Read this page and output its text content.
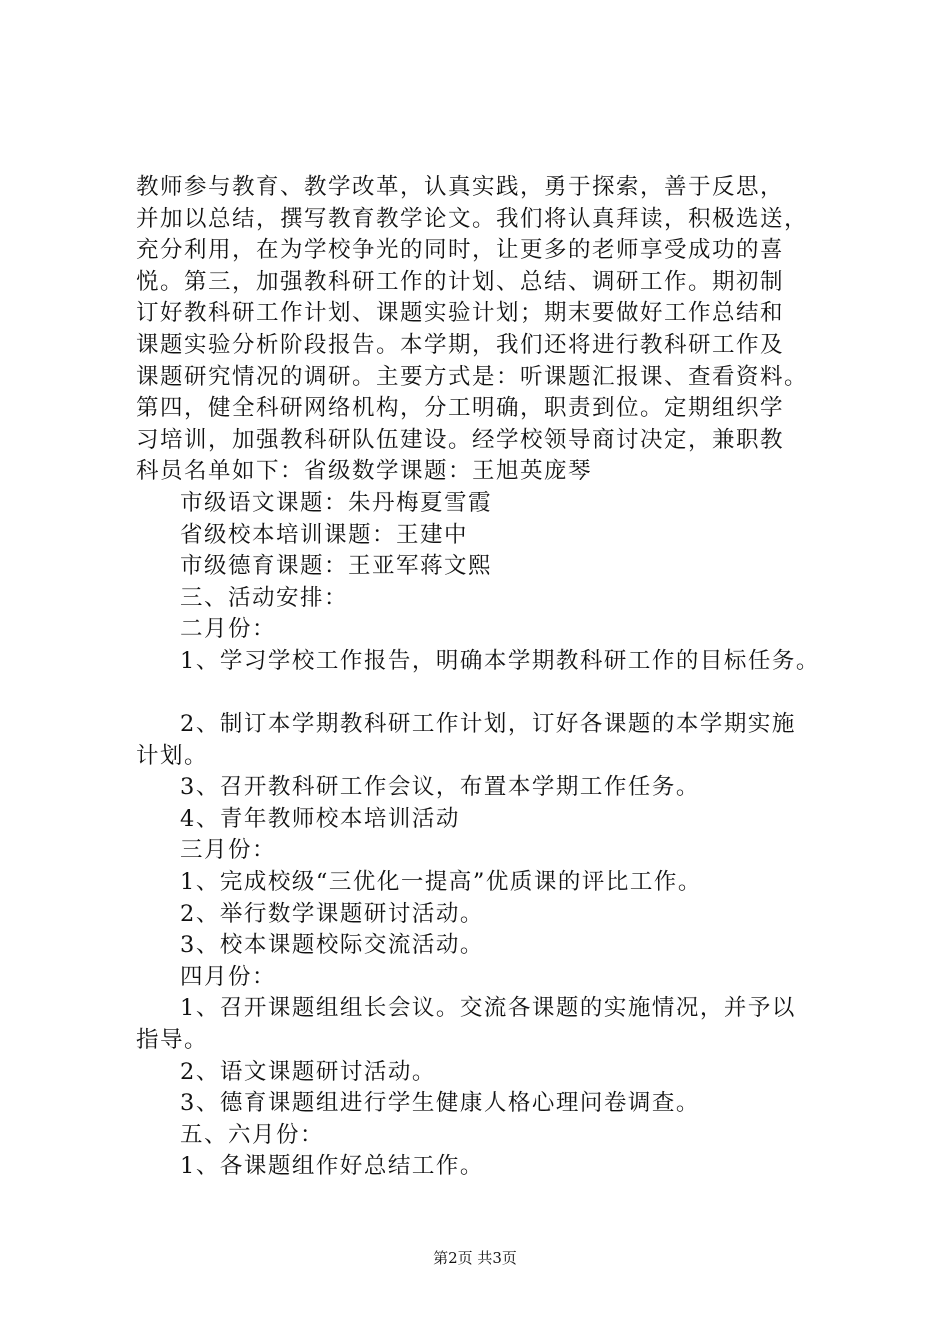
教师参与教育、教学改革，认真实践，勇于探索，善于反思，
并加以总结，撰写教育教学论文。我们将认真拜读，积极选送，
充分利用，在为学校争光的同时，让更多的老师享受成功的喜
悦。第三，加强教科研工作的计划、总结、调研工作。期初制
订好教科研工作计划、课题实验计划；期末要做好工作总结和
课题实验分析阶段报告。本学期，我们还将进行教科研工作及
课题研究情况的调研。主要方式是：听课题汇报课、查看资料。
第四，健全科研网络机构，分工明确，职责到位。定期组织学
习培训，加强教科研队伍建设。经学校领导商讨决定，兼职教
科员名单如下：省级数学课题：王旭英庞琴
市级语文课题：朱丹梅夏雪霞
省级校本培训课题：王建中
市级德育课题：王亚军蒋文熙
三、活动安排：
二月份：
1、学习学校工作报告，明确本学期教科研工作的目标任务。
2、制订本学期教科研工作计划，订好各课题的本学期实施
计划。
3、召开教科研工作会议，布置本学期工作任务。
4、青年教师校本培训活动
三月份：
1、完成校级“三优化一提高”优质课的评比工作。
2、举行数学课题研讨活动。
3、校本课题校际交流活动。
四月份：
1、召开课题组组长会议。交流各课题的实施情况，并予以
指导。
2、语文课题研讨活动。
3、德育课题组进行学生健康人格心理问卷调查。
五、六月份：
1、各课题组作好总结工作。
第2页 共3页
